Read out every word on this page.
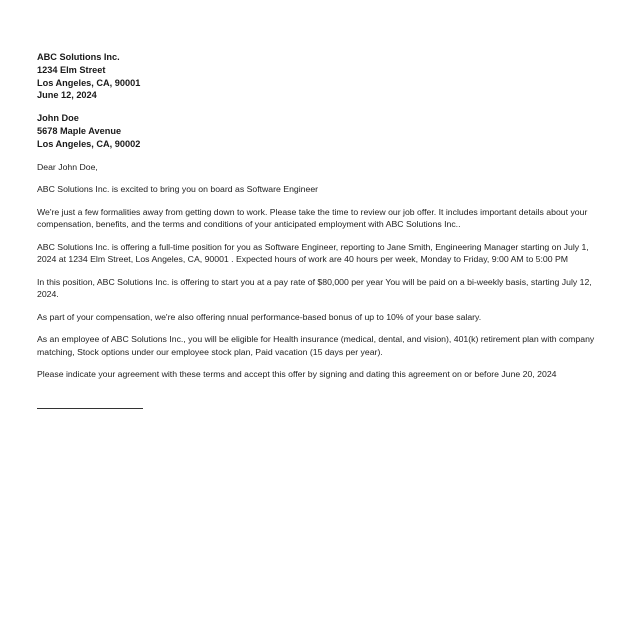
ABC Solutions Inc.
1234 Elm Street
Los Angeles, CA, 90001
June 12, 2024
John Doe
5678 Maple Avenue
Los Angeles, CA, 90002

Dear John Doe,

ABC Solutions Inc. is excited to bring you on board as Software Engineer

We're just a few formalities away from getting down to work. Please take the time to review our job offer. It includes important details about your compensation, benefits, and the terms and conditions of your anticipated employment with ABC Solutions Inc..

ABC Solutions Inc. is offering a full-time position for you as Software Engineer, reporting to Jane Smith, Engineering Manager starting on July 1, 2024 at 1234 Elm Street, Los Angeles, CA, 90001 . Expected hours of work are 40 hours per week, Monday to Friday, 9:00 AM to 5:00 PM

In this position, ABC Solutions Inc. is offering to start you at a pay rate of $80,000 per year You will be paid on a bi-weekly basis, starting July 12, 2024.

As part of your compensation, we're also offering nnual performance-based bonus of up to 10% of your base salary.

As an employee of ABC Solutions Inc., you will be eligible for Health insurance (medical, dental, and vision), 401(k) retirement plan with company matching, Stock options under our employee stock plan, Paid vacation (15 days per year).

Please indicate your agreement with these terms and accept this offer by signing and dating this agreement on or before June 20, 2024
